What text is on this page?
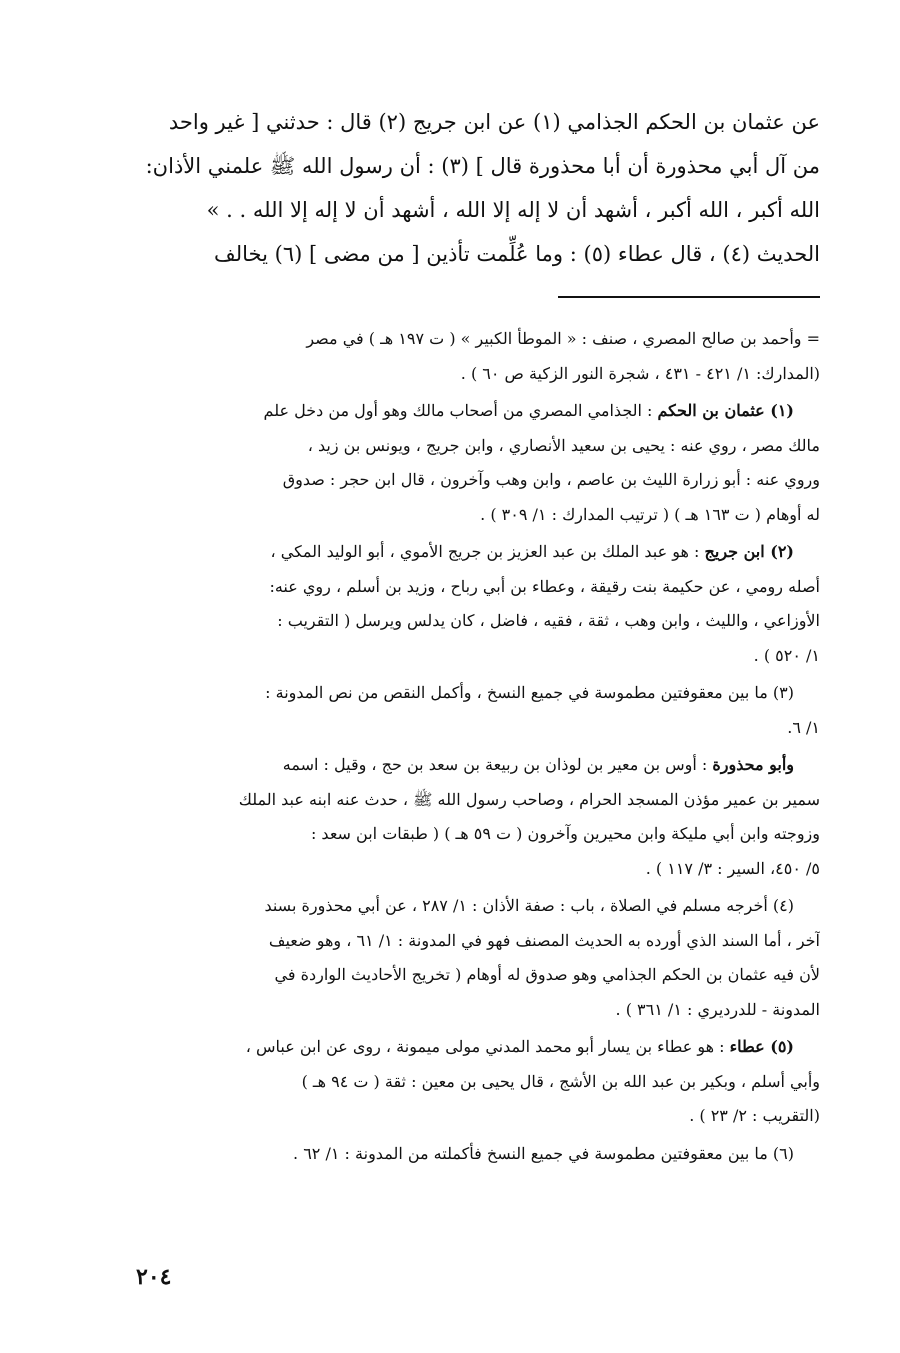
عن عثمان بن الحكم الجذامي (١) عن ابن جريج (٢) قال : حدثني [ غير واحد

من آل أبي محذورة أن أبا محذورة قال ] (٣) : أن رسول الله ﷺ علمني الأذان:

الله أكبر ، الله أكبر ، أشهد أن لا إله إلا الله ، أشهد أن لا إله إلا الله . . »

الحديث (٤) ، قال عطاء (٥) : وما عُلِّمت تأذين [ من مضى ] (٦) يخالف

= وأحمد بن صالح المصري ، صنف : « الموطأ الكبير » ( ت ١٩٧ هـ ) في مصر
(المدارك: ١/ ٤٢١ - ٤٣١ ، شجرة النور الزكية ص ٦٠ ) .
(١) عثمان بن الحكم : الجذامي المصري من أصحاب مالك وهو أول من دخل علم
مالك مصر ، روي عنه : يحيى بن سعيد الأنصاري ، وابن جريج ، ويونس بن زيد ،
وروي عنه : أبو زرارة الليث بن عاصم ، وابن وهب وآخرون ، قال ابن حجر : صدوق
له أوهام ( ت ١٦٣ هـ ) ( ترتيب المدارك : ١/ ٣٠٩ ) .
(٢) ابن جريج : هو عبد الملك بن عبد العزيز بن جريج الأموي ، أبو الوليد المكي ،
أصله رومي ، عن حكيمة بنت رقيقة ، وعطاء بن أبي رباح ، وزيد بن أسلم ، روي عنه:
الأوزاعي ، والليث ، وابن وهب ، ثقة ، فقيه ، فاضل ، كان يدلس ويرسل ( التقريب :
١/ ٥٢٠ ) .
(٣) ما بين معقوفتين مطموسة في جميع النسخ ، وأكمل النقص من نص المدونة :
١/ ٦.
وأبو محذورة : أوس بن معير بن لوذان بن ربيعة بن سعد بن حج ، وقيل : اسمه
سمير بن عمير مؤذن المسجد الحرام ، وصاحب رسول الله ﷺ ، حدث عنه ابنه عبد الملك
وزوجته وابن أبي مليكة وابن محيرين وآخرون ( ت ٥٩ هـ ) ( طبقات ابن سعد :
٥/ ٤٥٠، السير : ٣/ ١١٧ ) .
(٤) أخرجه مسلم في الصلاة ، باب : صفة الأذان : ١/ ٢٨٧ ، عن أبي محذورة بسند
آخر ، أما السند الذي أورده به الحديث المصنف فهو في المدونة : ١/ ٦١ ، وهو ضعيف
لأن فيه عثمان بن الحكم الجذامي وهو صدوق له أوهام ( تخريج الأحاديث الواردة في
المدونة - للدرديري : ١/ ٣٦١ ) .
(٥) عطاء : هو عطاء بن يسار أبو محمد المدني مولى ميمونة ، روى عن ابن عباس ،
وأبي أسلم ، وبكير بن عبد الله بن الأشج ، قال يحيى بن معين : ثقة ( ت ٩٤ هـ )
(التقريب : ٢/ ٢٣ ) .
(٦) ما بين معقوفتين مطموسة في جميع النسخ فأكملته من المدونة : ١/ ٦٢ .
٢٠٤
